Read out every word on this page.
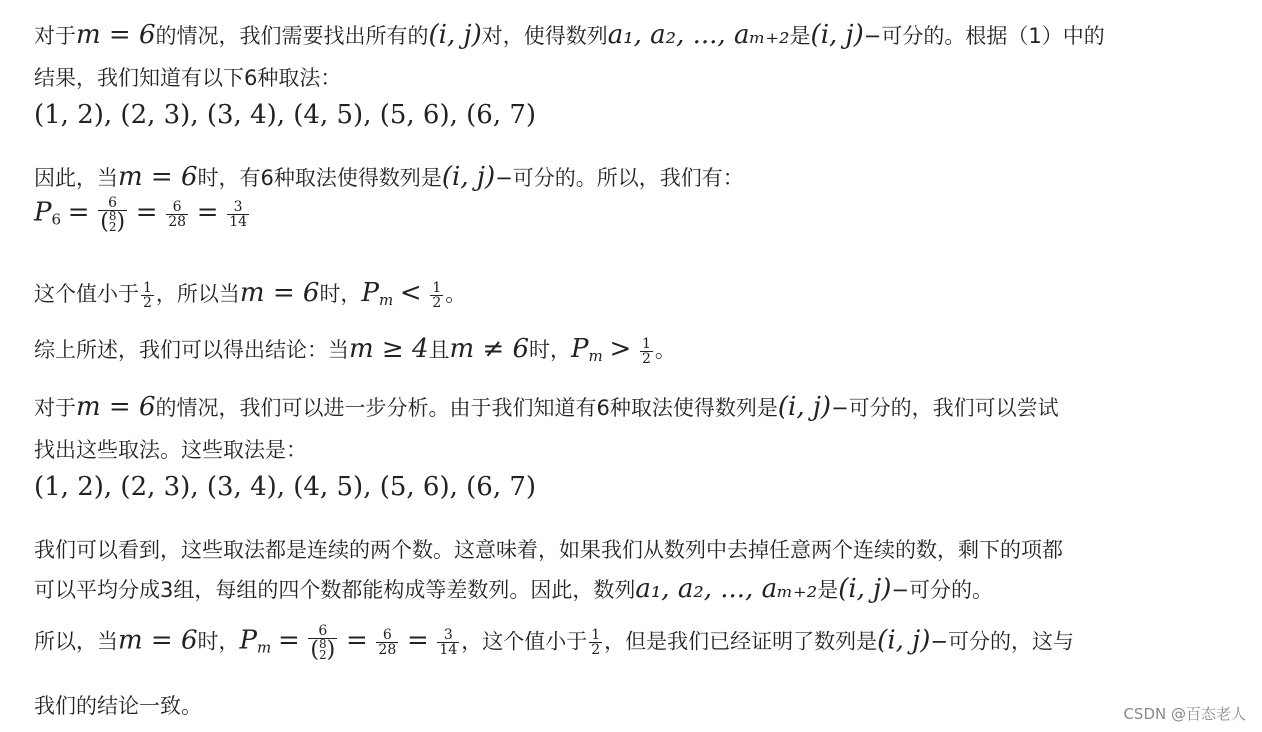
对于m = 6的情况，我们需要找出所有的(i, j)对，使得数列a₁, a₂, ..., aₘ₊₂是(i, j)−可分的。根据（1）中的
结果，我们知道有以下6种取法：
(1, 2), (2, 3), (3, 4), (4, 5), (5, 6), (6, 7)
因此，当m = 6时，有6种取法使得数列是(i, j)−可分的。所以，我们有：
$P_6 = 6$
( 8
2 ) = $\frac{6}{28} = \frac{3}{14}$
这个值小于 $\frac{1}{2}$ ，所以当m = 6时，$P_m < \frac{1}{2}$ 。
综上所述，我们可以得出结论：当m ≥ 4且m ≠ 6时，$P_m > \frac{1}{2}$ 。
对于m = 6的情况，我们可以进一步分析。由于我们知道有6种取法使得数列是(i, j)−可分的，我们可以尝试
找出这些取法。这些取法是：
(1, 2), (2, 3), (3, 4), (4, 5), (5, 6), (6, 7)
我们可以看到，这些取法都是连续的两个数。这意味着，如果我们从数列中去掉任意两个连续的数，剩下的项都
可以平均分成3组，每组的四个数都能构成等差数列。因此，数列a₁, a₂, ..., aₘ₊₂是(i, j)−可分的。
所以，当m = 6时，$P_m = 6$
( 8
2 ) = $\frac{6}{28} = \frac{3}{14}$ ，这个值小于 $\frac{1}{2}$ ，但是我们已经证明了数列是(i, j)−可分的，这与
我们的结论一致。	CSDN @百态老人
